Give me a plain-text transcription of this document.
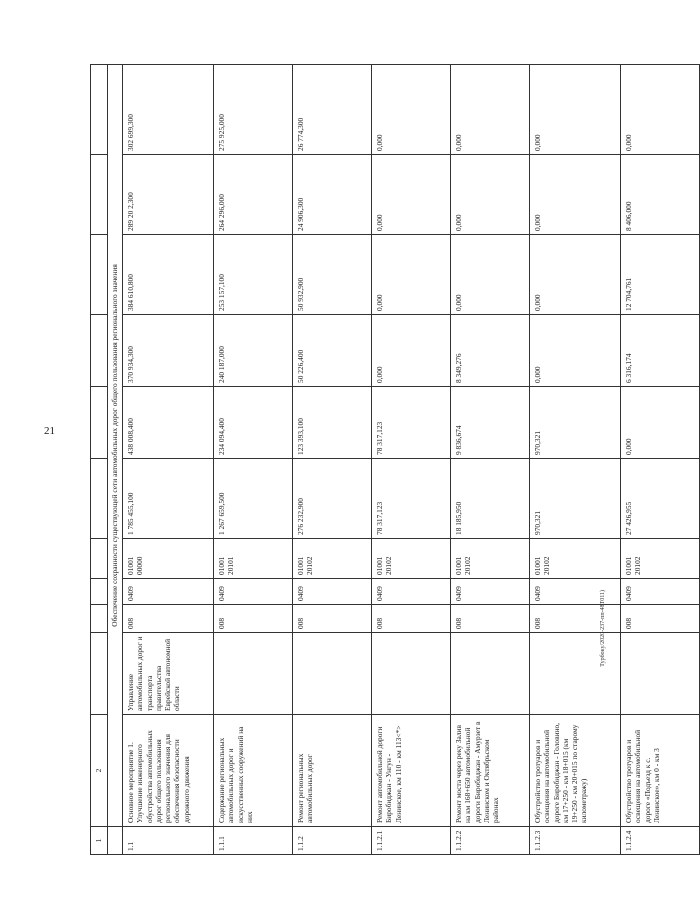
21
1	2										
	Обеспечение сохранности существующей сети автомобильных дорог общего пользования регионального значения										
1.1	Основное мероприятие 1. Улучшение инженерного обустройства автомобильных дорог общего пользования регионального значения для обеспечения безопасности дорожного движения	Управление автомобильных дорог и транспорта правительства Еврейской автономной области	008	0409	01001 00000	1 785 455,100	438 008,400	370 934,300	384 610,800	289 20 2,300	302 699,300
1.1.1	Содержание региональных автомобильных дорог и искусственных сооружений на них		008	0409	01001 20101	1 267 659,500	234 094,400	240 187,000	253 157,100	264 296,000	275 925,000
1.1.2	Ремонт региональных автомобильных дорог		008	0409	01001 20102	276 232,900	123 393,100	50 226,400	50 932,900	24 906,300	26 774,300
1.1.2.1	Ремонт автомобильной дороги Биробиджан - Унгун - Ленинское, км 110 - км 113<*>		008	0409	01001 20102	78 317,123	78 317,123	0,000	0,000	0,000	0,000
1.1.2.2	Ремонт моста через реку Залив на км 168+650 автомобильной дороги Биробиджан - Амурзет в Ленинском и Октябрьском районах		008	0409	01001 20102	18 185,950	9 836,674	8 349,276	0,000	0,000	0,000
1.1.2.3	Обустройство тротуаров и освещения на автомобильной дороге Биробиджан - Головино, км 17+250 - км 18+015 (км 19+250 - км 20+015 по старому километражу)		008	0409	01001 20102	970,321	970,321	0,000	0,000	0,000	0,000
1.1.2.4	Обустройство тротуаров и освещения на автомобильной дороге «Подъезд к с. Ленинское», км 0 - км 3		008	0409	01001 20102	27 426,955	0,000	6 316,174	12 704,761	8 406,000	0,000
Турбоку/2020-237-пп-48Т011)
